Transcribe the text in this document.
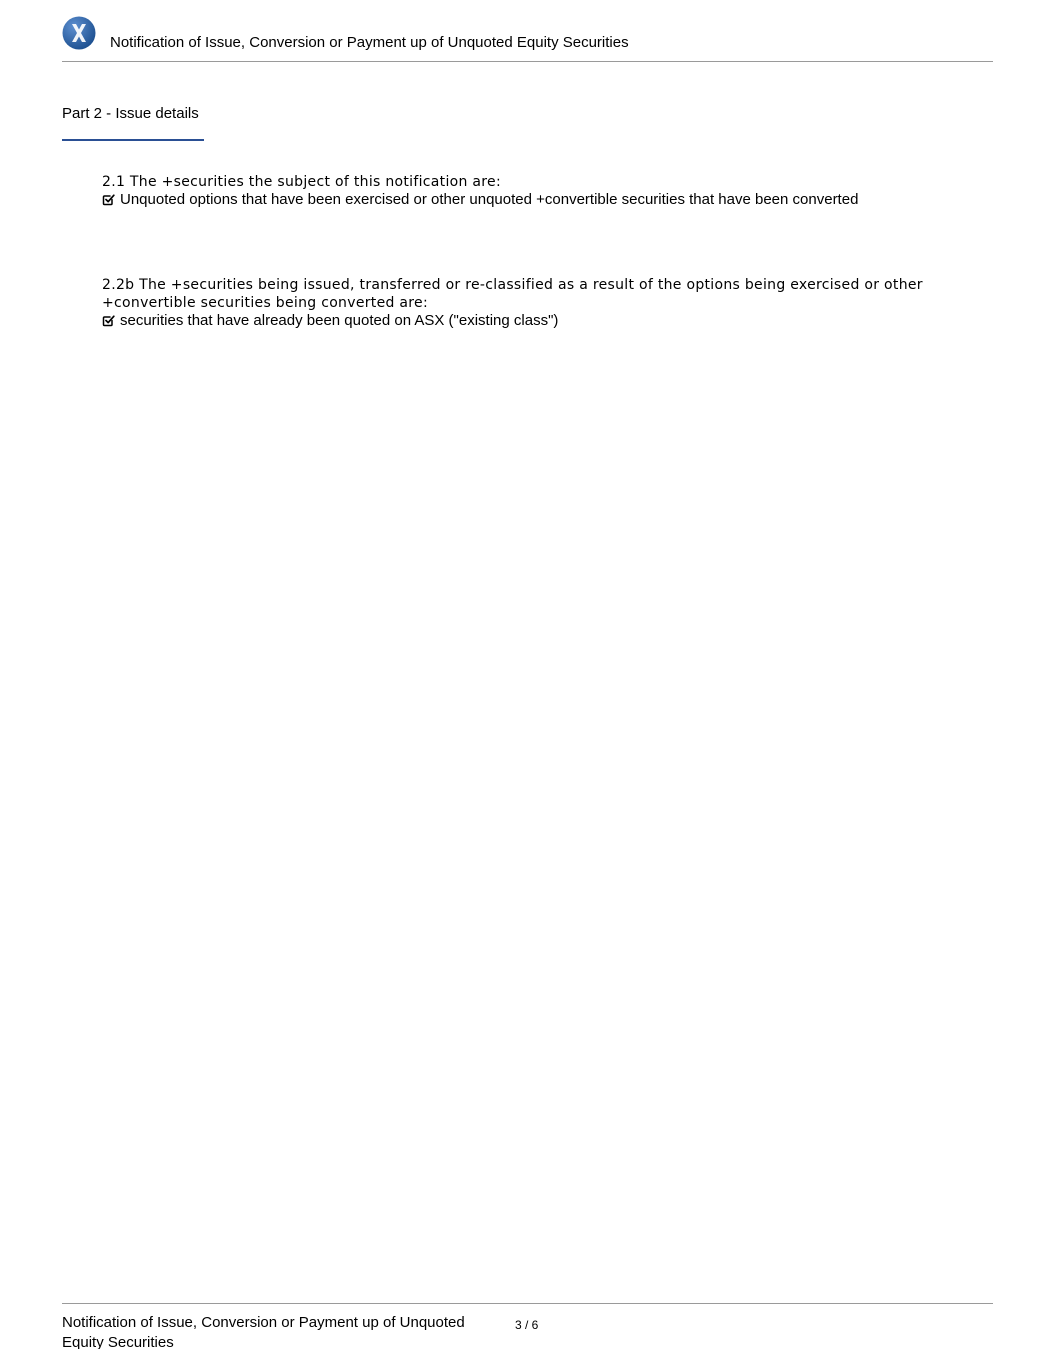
Notification of Issue, Conversion or Payment up of Unquoted Equity Securities
Part 2 - Issue details
2.1 The +securities the subject of this notification are:
Unquoted options that have been exercised or other unquoted +convertible securities that have been converted
2.2b The +securities being issued, transferred or re-classified as a result of the options being exercised or other +convertible securities being converted are:
securities that have already been quoted on ASX ("existing class")
Notification of Issue, Conversion or Payment up of Unquoted Equity Securities
3 / 6
